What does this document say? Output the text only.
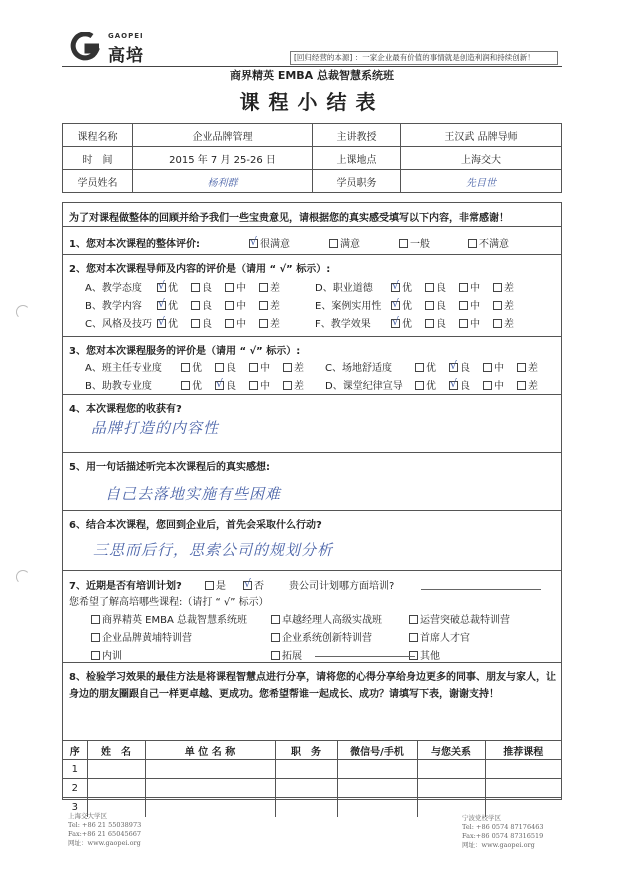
GAOPEI
高培	[回归经营的本源] ：一家企业最有价值的事情就是创造利润和持续创新！
商界精英 EMBA 总裁智慧系统班
课程小结表
课程名称	企业品牌管理	主讲教授	王汉武 品牌导师
时　间	2015 年 7 月 25-26 日	上课地点	上海交大
学员姓名	杨利群	学员职务	先目世
为了对课程做整体的回顾并给予我们一些宝贵意见，请根据您的真实感受填写以下内容，非常感谢！
1、您对本次课程的整体评价: √	很满意	满意	一般	不满意
2、您对本次课程导师及内容的评价是（请用 “ √” 标示）:
A、教学态度 √	优	良	中	差
B、教学内容 √	优	良	中	差
C、风格及技巧 √	优	良	中	差
D、职业道德 √	优	良	中	差
E、案例实用性 √	优	良	中	差
F、教学效果 √	优	良	中	差
3、您对本次课程服务的评价是（请用 “ √” 标示）:
A、班主任专业度	优	良	中	差
B、助教专业度	优 √	良	中	差
C、场地舒适度	优 √	良	中	差
D、课堂纪律宣导	优 √	良	中	差
4、本次课程您的收获有?
品牌打造的内容性
5、用一句话描述听完本次课程后的真实感想:
自己去落地实施有些困难
6、结合本次课程，您回到企业后，首先会采取什么行动?
三思而后行，思索公司的规划分析
7、近期是否有培训计划?	是 √	否	贵公司计划哪方面培训?
您希望了解高培哪些课程:（请打 “ √” 标示）
商界精英 EMBA 总裁智慧系统班	卓越经理人高级实战班	运营突破总裁特训营
企业品牌黄埔特训营	企业系统创新特训营	首席人才官
内训	拓展	其他
8、检验学习效果的最佳方法是将课程智慧点进行分享，请将您的心得分享给身边更多的同事、朋友与家人，让身边的朋友圈跟自己一样更卓越、更成功。您希望帮谁一起成长、成功？请填写下表，谢谢支持！
序	姓　名	单 位 名 称	职　务	微信号/手机	与您关系	推荐课程
1						
2						
3						
上海交大学区
Tel: +86 21 55038973
Fax:+86 21 65045667
网址：www.gaopei.org
宁波党校学区
Tel: +86 0574 87176463
Fax:+86 0574 87316519
网址：www.gaopei.org
